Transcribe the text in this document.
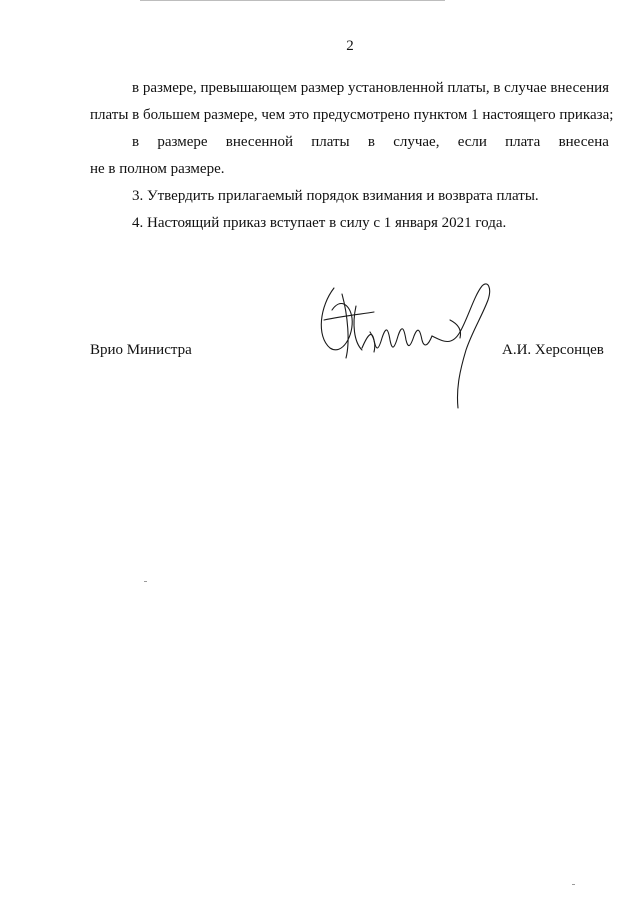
2
в размере, превышающем размер установленной платы, в случае внесения
платы в большем размере, чем это предусмотрено пунктом 1 настоящего приказа;
в размере внесенной платы в случае, если плата внесена
не в полном размере.
3. Утвердить прилагаемый порядок взимания и возврата платы.
4. Настоящий приказ вступает в силу с 1 января 2021 года.
Врио Министра	А.И. Херсонцев
